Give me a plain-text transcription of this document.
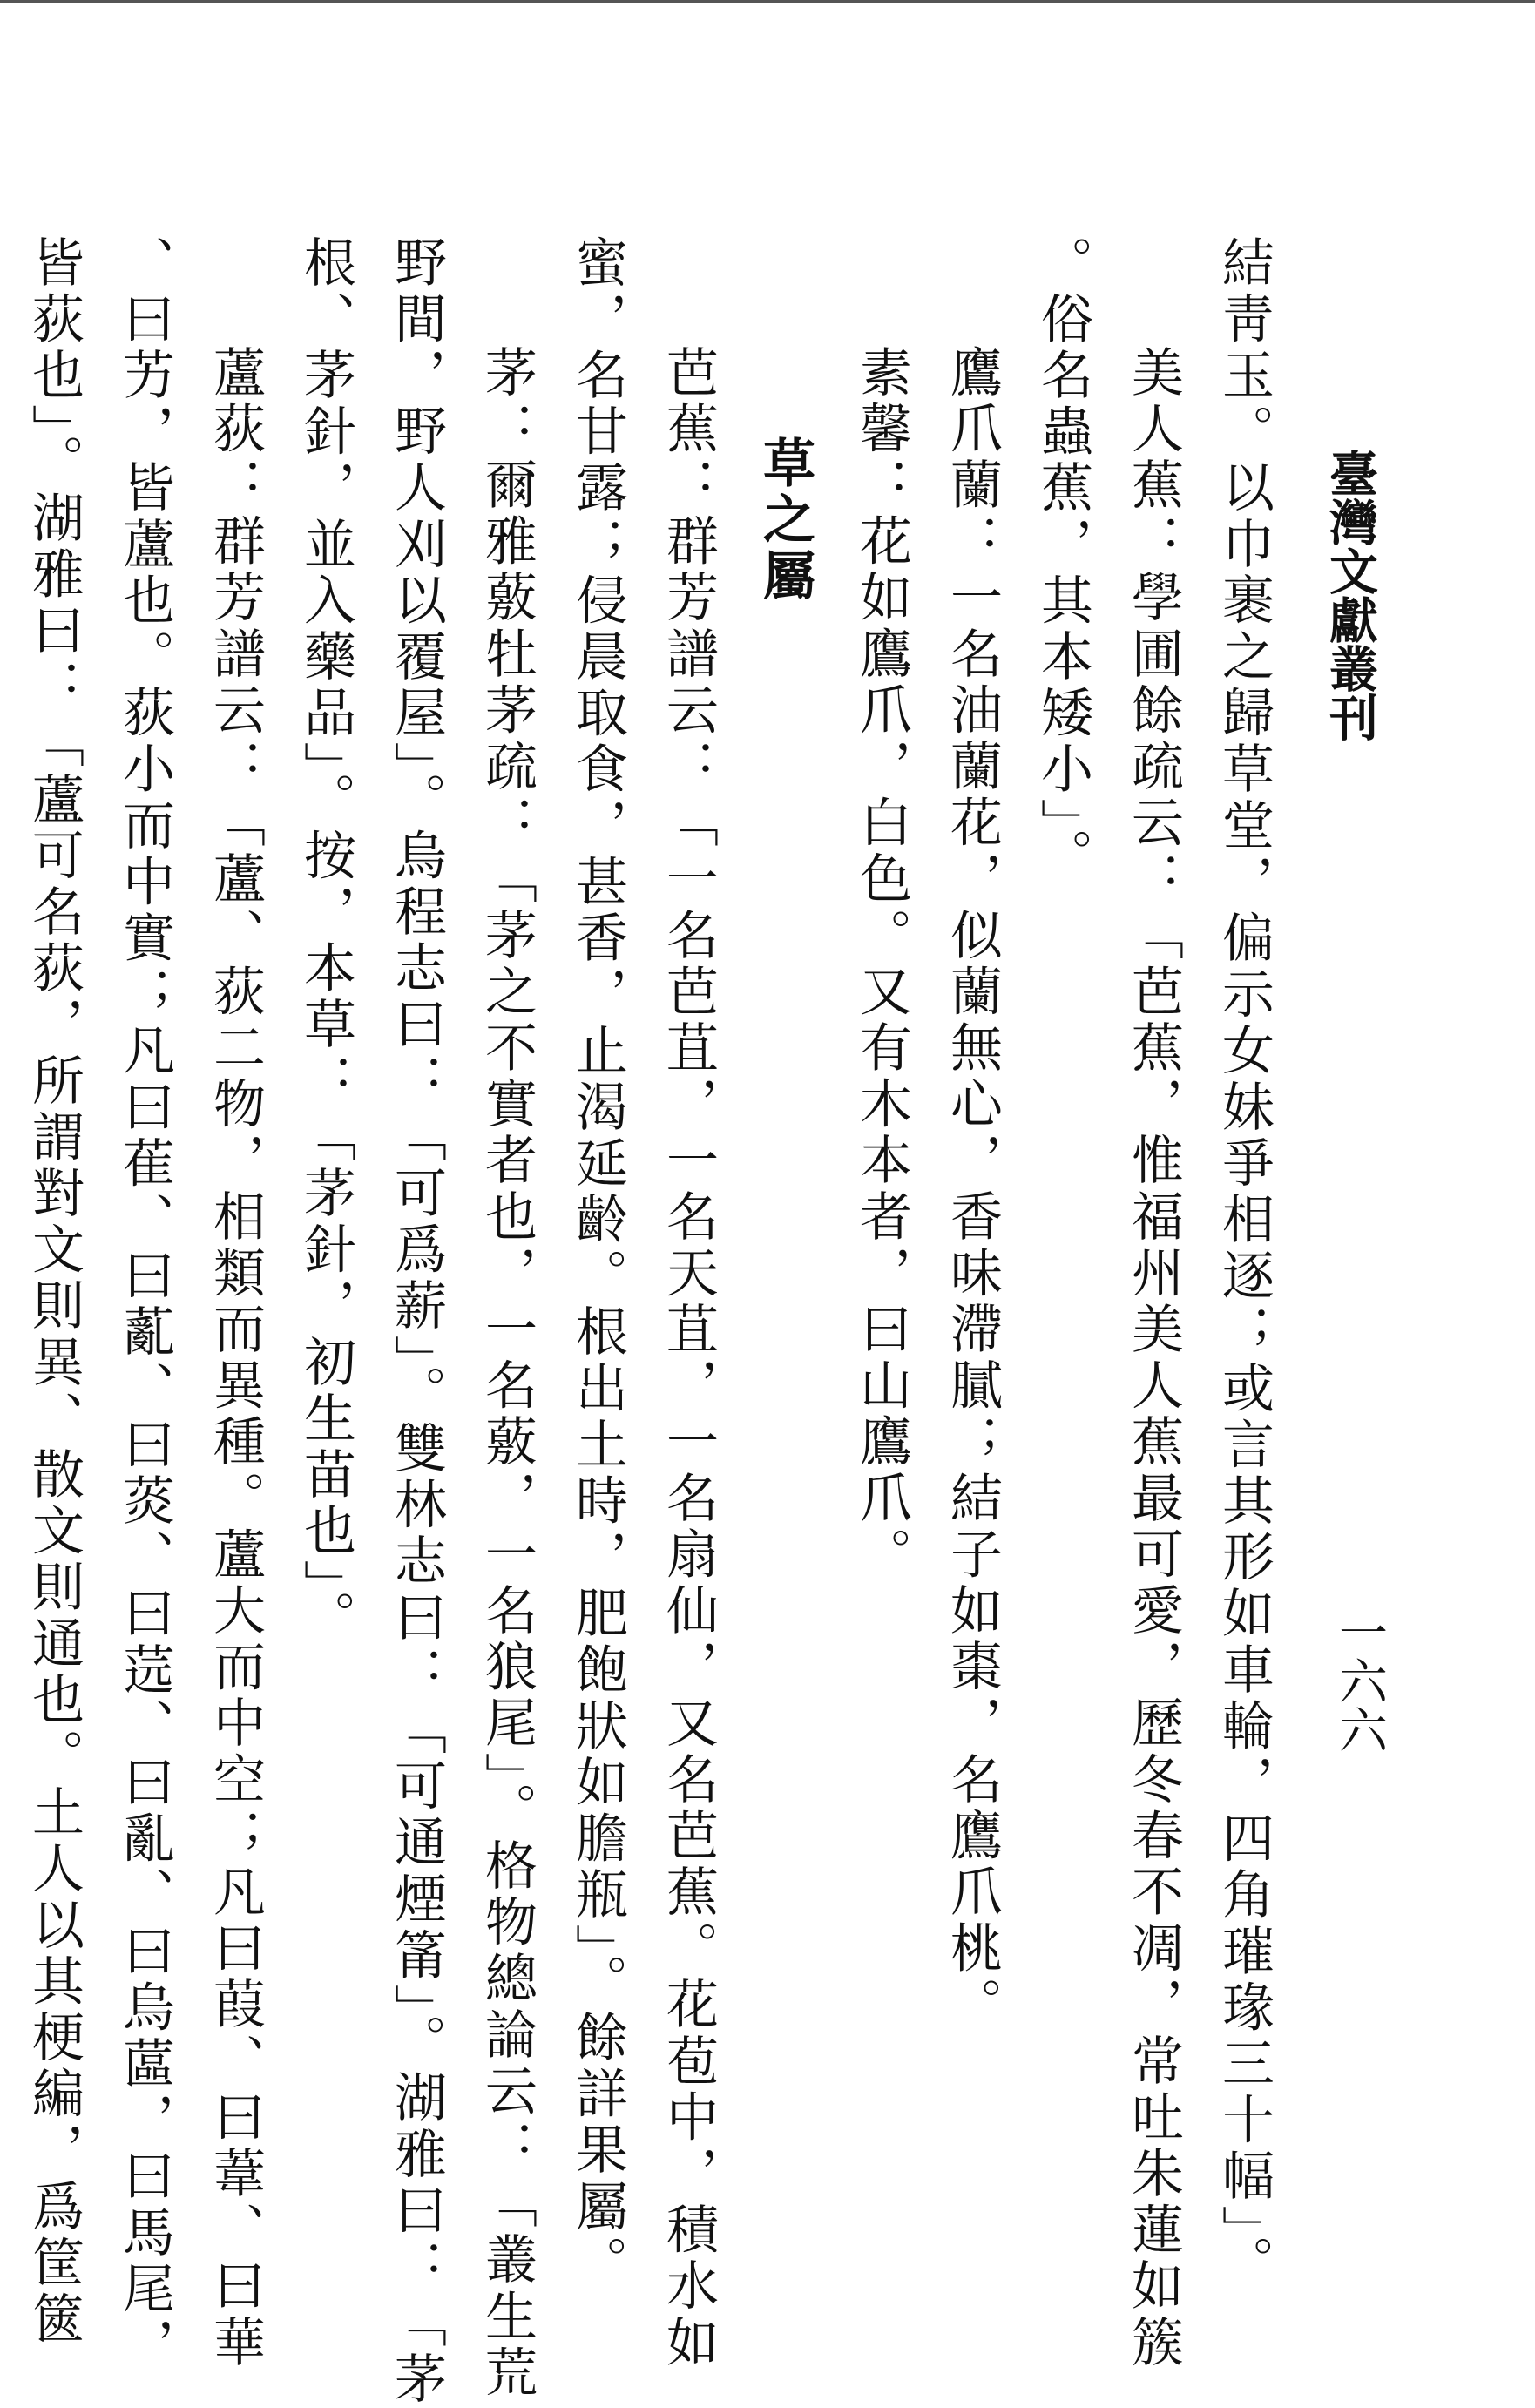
臺灣文獻叢刊
一六六
結靑玉。以巾裹之歸草堂，偏示女妹爭相逐；或言其形如車輪，四角璀瑑三十幅」。
美人蕉：學圃餘疏云：「芭蕉，惟福州美人蕉最可愛，歷冬春不凋，常吐朱蓮如簇
。俗名蟲蕉，其本矮小」。
鷹爪蘭：一名油蘭花，似蘭無心，香味滯膩；結子如棗，名鷹爪桃。
素馨：花如鷹爪，白色。又有木本者，曰山鷹爪。
草之屬
芭蕉：群芳譜云：「一名芭苴，一名天苴，一名扇仙，又名芭蕉。花苞中，積水如
蜜，名甘露；侵晨取食，甚香，止渴延齡。根出土時，肥飽狀如膽瓶」。餘詳果屬。
茅：爾雅薂牡茅疏：「茅之不實者也，一名薂，一名狼尾」。格物總論云：「叢生荒
野間，野人刈以覆屋」。烏程志曰：「可爲薪」。雙林志曰：「可通煙筩」。湖雅曰：「茅
根、茅針，並入藥品」。按，本草：「茅針，初生苗也」。
蘆荻：群芳譜云：「蘆、荻二物，相類而異種。蘆大而中空；凡曰葭、曰葦、曰華
、曰艻，皆蘆也。荻小而中實；凡曰萑、曰薍、曰菼、曰䓕、曰亂、曰烏蓲，曰馬尾，
皆荻也」。湖雅曰：「蘆可名荻，所謂對文則異、散文則通也。土人以其梗編，爲筐篋
